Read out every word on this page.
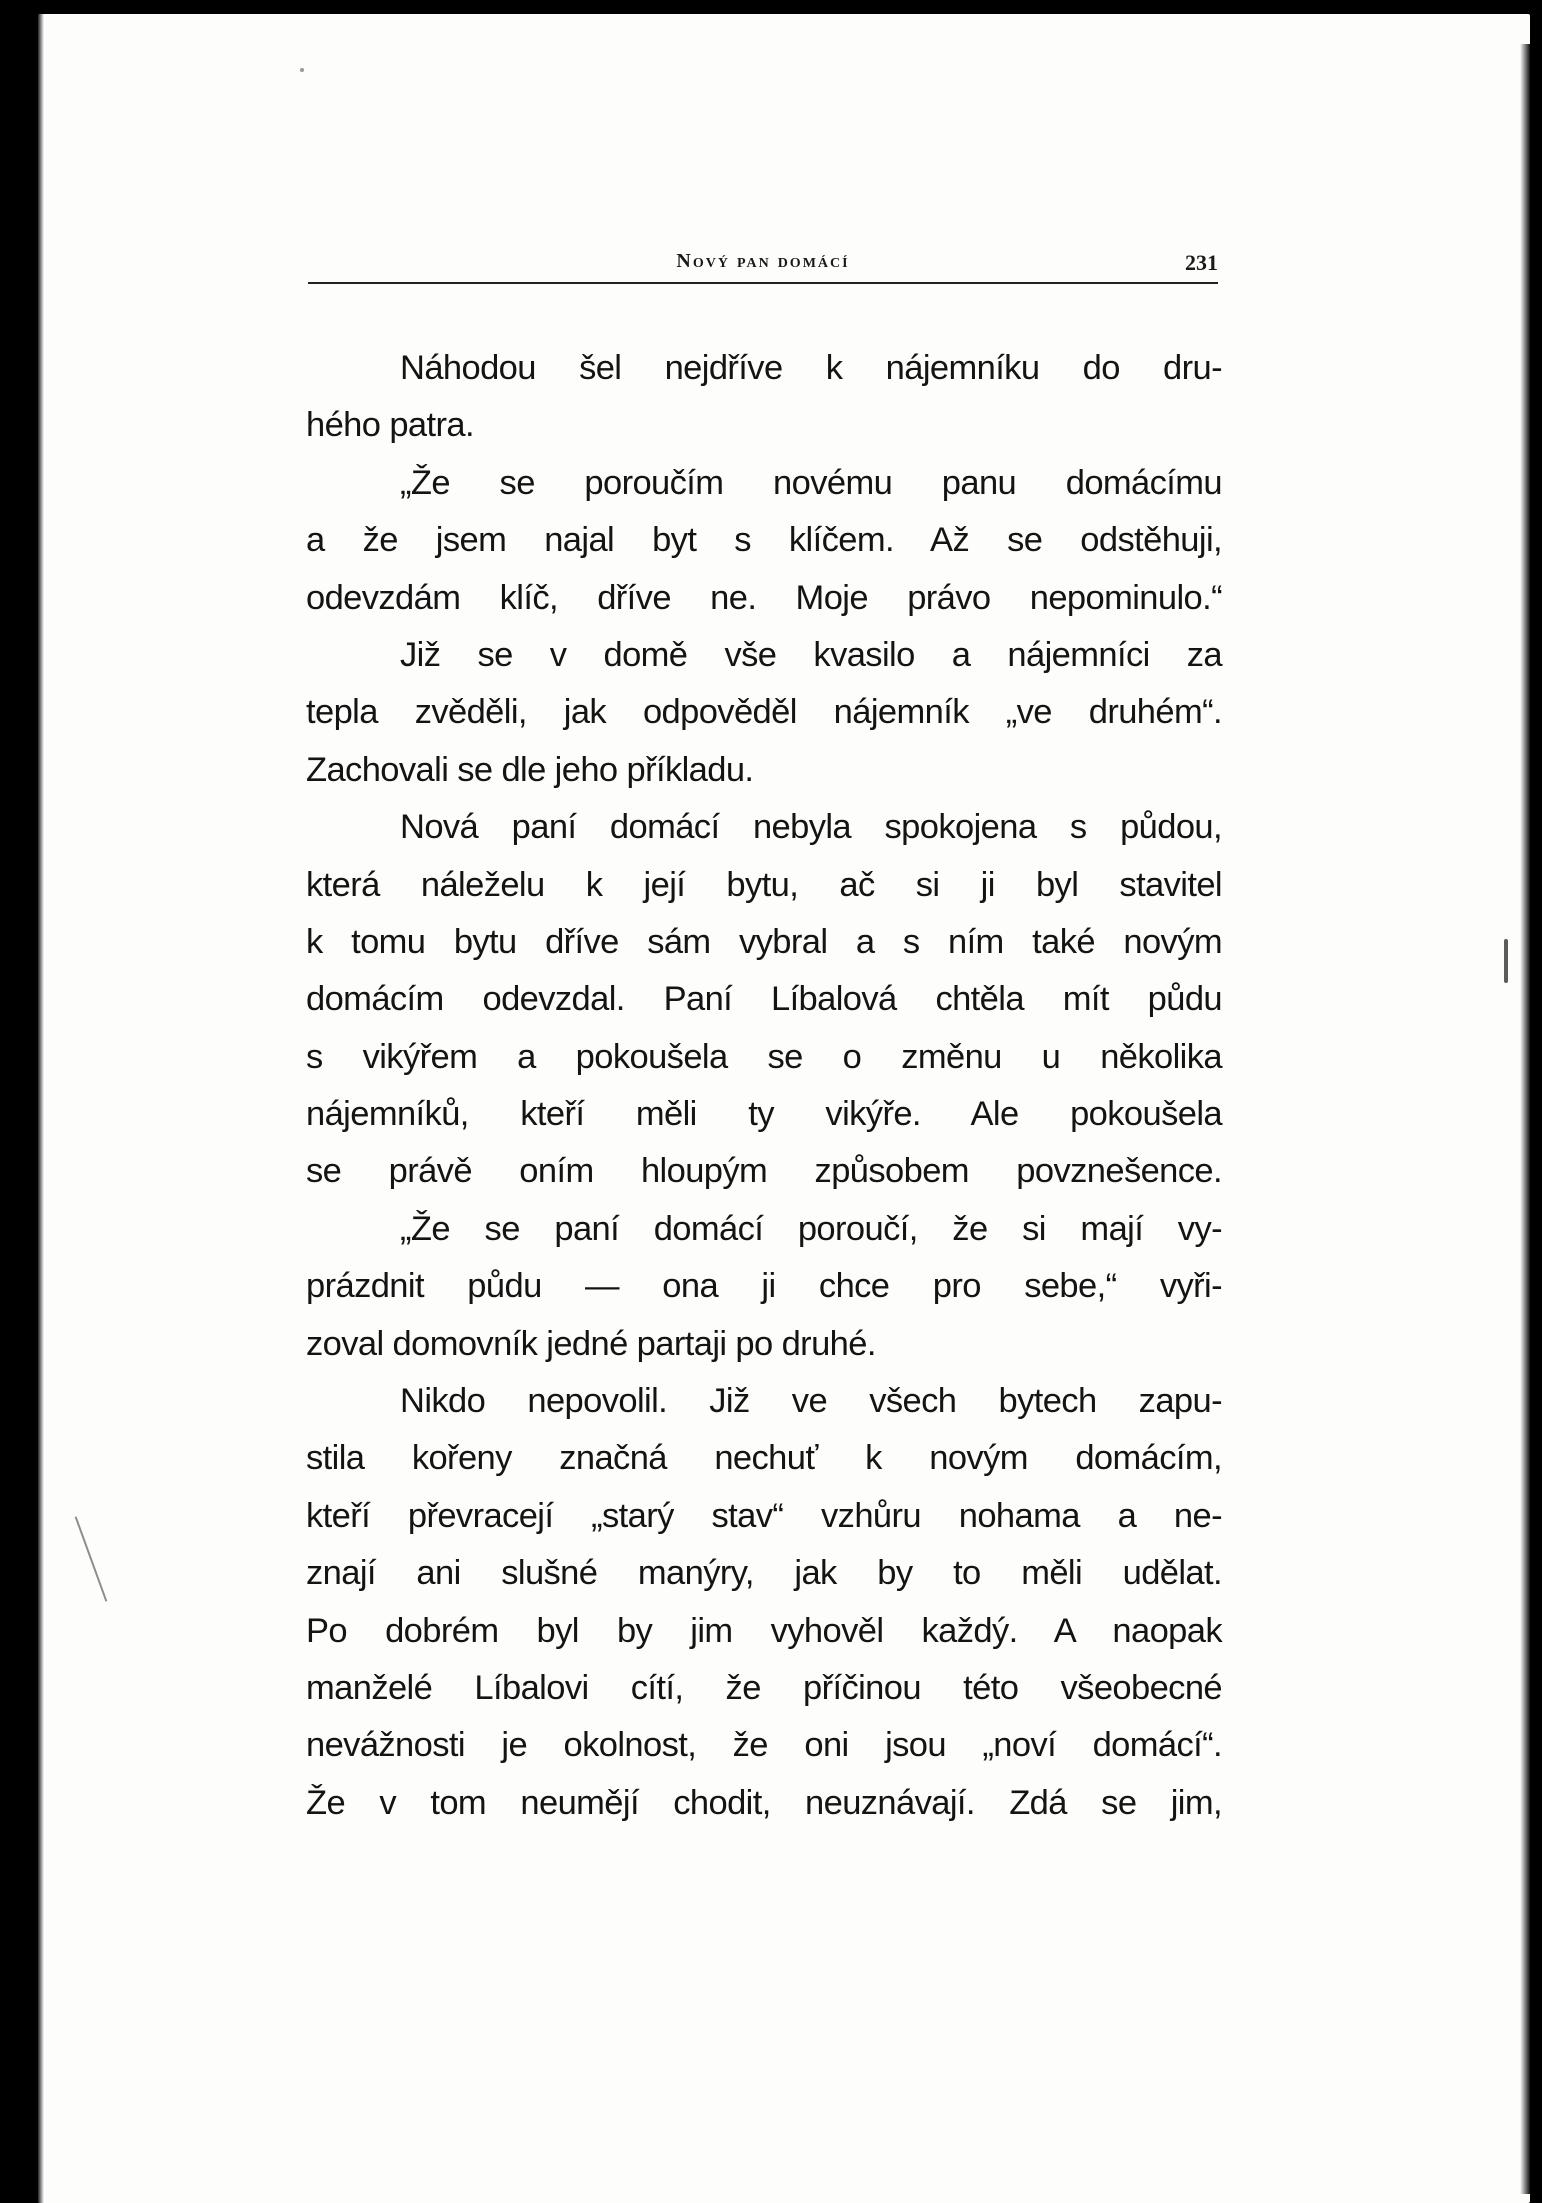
Nový pan domácí	231
Náhodou šel nejdříve k nájemníku do dru-
hého patra.
„Že se poroučím novému panu domácímu
a že jsem najal byt s klíčem. Až se odstěhuji,
odevzdám klíč, dříve ne. Moje právo nepominulo.“
Již se v domě vše kvasilo a nájemníci za
tepla zvěděli, jak odpověděl nájemník „ve druhém“.
Zachovali se dle jeho příkladu.
Nová paní domácí nebyla spokojena s půdou,
která náleželu k její bytu, ač si ji byl stavitel
k tomu bytu dříve sám vybral a s ním také novým
domácím odevzdal. Paní Líbalová chtěla mít půdu
s vikýřem a pokoušela se o změnu u několika
nájemníků, kteří měli ty vikýře. Ale pokoušela
se právě oním hloupým způsobem povznešence.
„Že se paní domácí poroučí, že si mají vy-
prázdnit půdu — ona ji chce pro sebe,“ vyři-
zoval domovník jedné partaji po druhé.
Nikdo nepovolil. Již ve všech bytech zapu-
stila kořeny značná nechuť k novým domácím,
kteří převracejí „starý stav“ vzhůru nohama a ne-
znají ani slušné manýry, jak by to měli udělat.
Po dobrém byl by jim vyhověl každý. A naopak
manželé Líbalovi cítí, že příčinou této všeobecné
nevážnosti je okolnost, že oni jsou „noví domácí“.
Že v tom neumějí chodit, neuznávají. Zdá se jim,
